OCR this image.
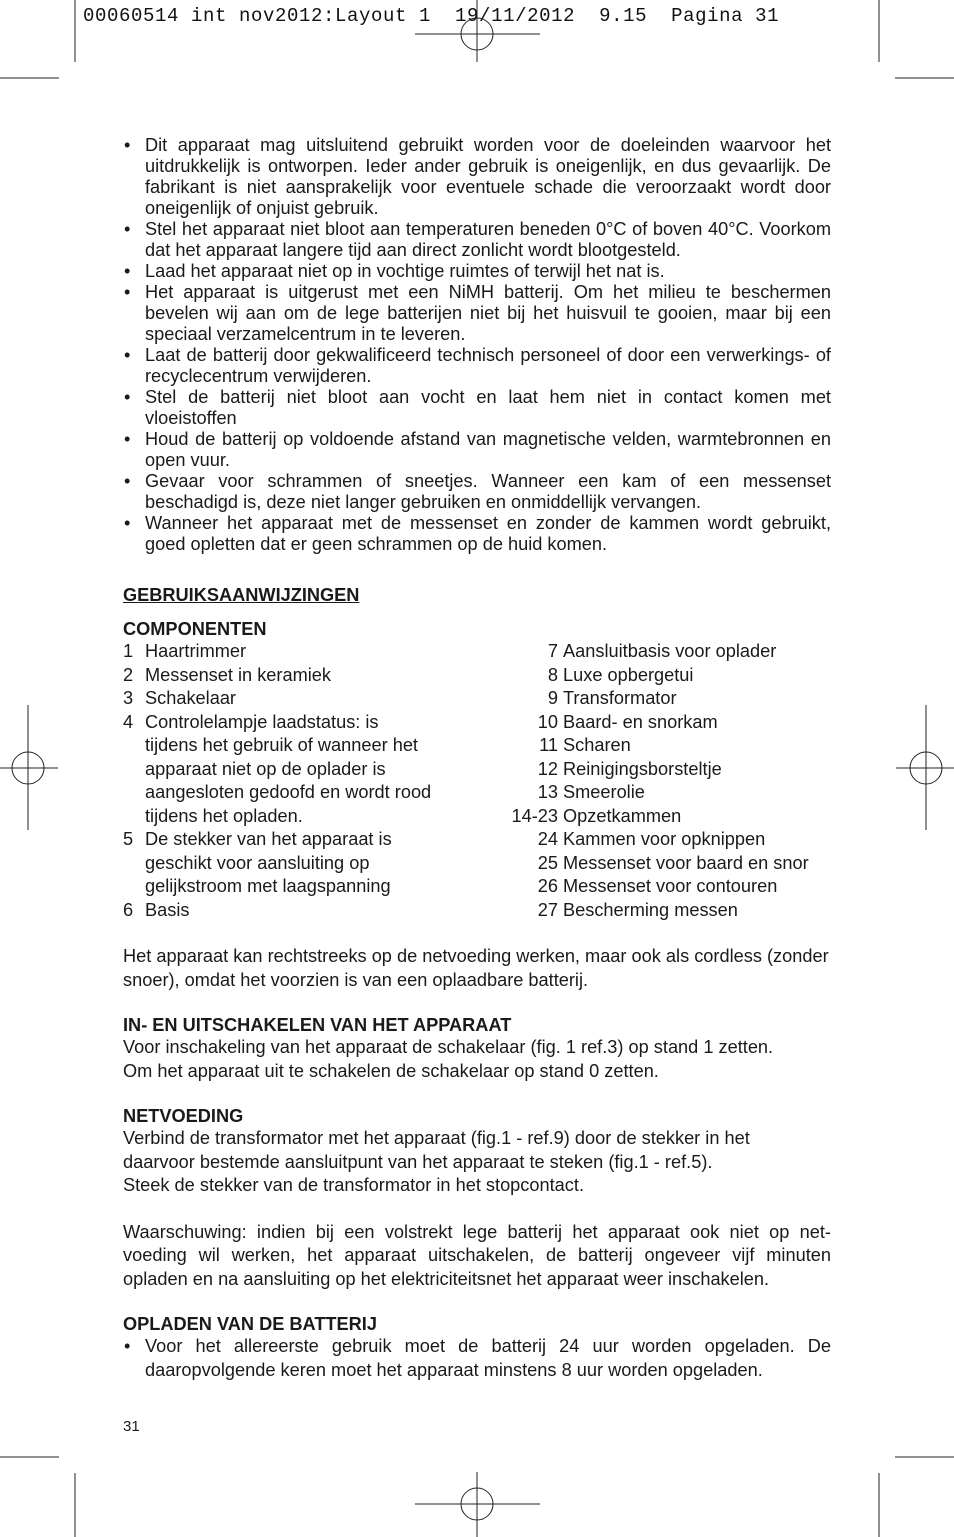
00060514 int nov2012:Layout 1  19/11/2012  9.15  Pagina 31
• Dit apparaat mag uitsluitend gebruikt worden voor de doeleinden waarvoor het uitdrukkelijk is ontworpen. Ieder ander gebruik is oneigenlijk, en dus gevaarlijk. De fabrikant is niet aansprakelijk voor eventuele schade die veroorzaakt wordt door oneigenlijk of onjuist gebruik.
• Stel het apparaat niet bloot aan temperaturen beneden 0°C of boven 40°C. Voorkom dat het apparaat langere tijd aan direct zonlicht wordt blootgesteld.
• Laad het apparaat niet op in vochtige ruimtes of terwijl het nat is.
• Het apparaat is uitgerust met een NiMH batterij. Om het milieu te beschermen bevelen wij aan om de lege batterijen niet bij het huisvuil te gooien, maar bij een speciaal verzamelcentrum in te leveren.
• Laat de batterij door gekwalificeerd technisch personeel of door een verwerkings- of recyclecentrum verwijderen.
• Stel de batterij niet bloot aan vocht en laat hem niet in contact komen met vloeistoffen
• Houd de batterij op voldoende afstand van magnetische velden, warmtebronnen en open vuur.
• Gevaar voor schrammen of sneetjes. Wanneer een kam of een messenset beschadigd is, deze niet langer gebruiken en onmiddellijk vervangen.
• Wanneer het apparaat met de messenset en zonder de kammen wordt gebruikt, goed opletten dat er geen schrammen op de huid komen.
GEBRUIKSAANWIJZINGEN
COMPONENTEN
1 Haartrimmer
2 Messenset in keramiek
3 Schakelaar
4 Controlelampje laadstatus: is tijdens het gebruik of wanneer het apparaat niet op de oplader is aangesloten gedoofd en wordt rood tijdens het opladen.
5 De stekker van het apparaat is geschikt voor aansluiting op gelijkstroom met laagspanning
6 Basis
7 Aansluitbasis voor oplader
8 Luxe opbergetui
9 Transformator
10 Baard- en snorkam
11 Scharen
12 Reinigingsborsteltje
13 Smeerolie
14-23 Opzetkammen
24 Kammen voor opknippen
25 Messenset voor baard en snor
26 Messenset voor contouren
27 Bescherming messen
Het apparaat kan rechtstreeks op de netvoeding werken, maar ook als cordless (zonder snoer), omdat het voorzien is van een oplaadbare batterij.
IN- EN UITSCHAKELEN VAN HET APPARAAT
Voor inschakeling van het apparaat de schakelaar (fig. 1 ref.3) op stand 1 zetten.
Om het apparaat uit te schakelen de schakelaar op stand 0 zetten.
NETVOEDING
Verbind de transformator met het apparaat (fig.1 - ref.9) door de stekker in het
daarvoor bestemde aansluitpunt van het apparaat te steken (fig.1 - ref.5).
Steek de stekker van de transformator in het stopcontact.
Waarschuwing: indien bij een volstrekt lege batterij het apparaat ook niet op net-voeding wil werken, het apparaat uitschakelen, de batterij ongeveer vijf minuten opladen en na aansluiting op het elektriciteitsnet het apparaat weer inschakelen.
OPLADEN VAN DE BATTERIJ
• Voor het allereerste gebruik moet de batterij 24 uur worden opgeladen. De daaropvolgende keren moet het apparaat minstens 8 uur worden opgeladen.
31
